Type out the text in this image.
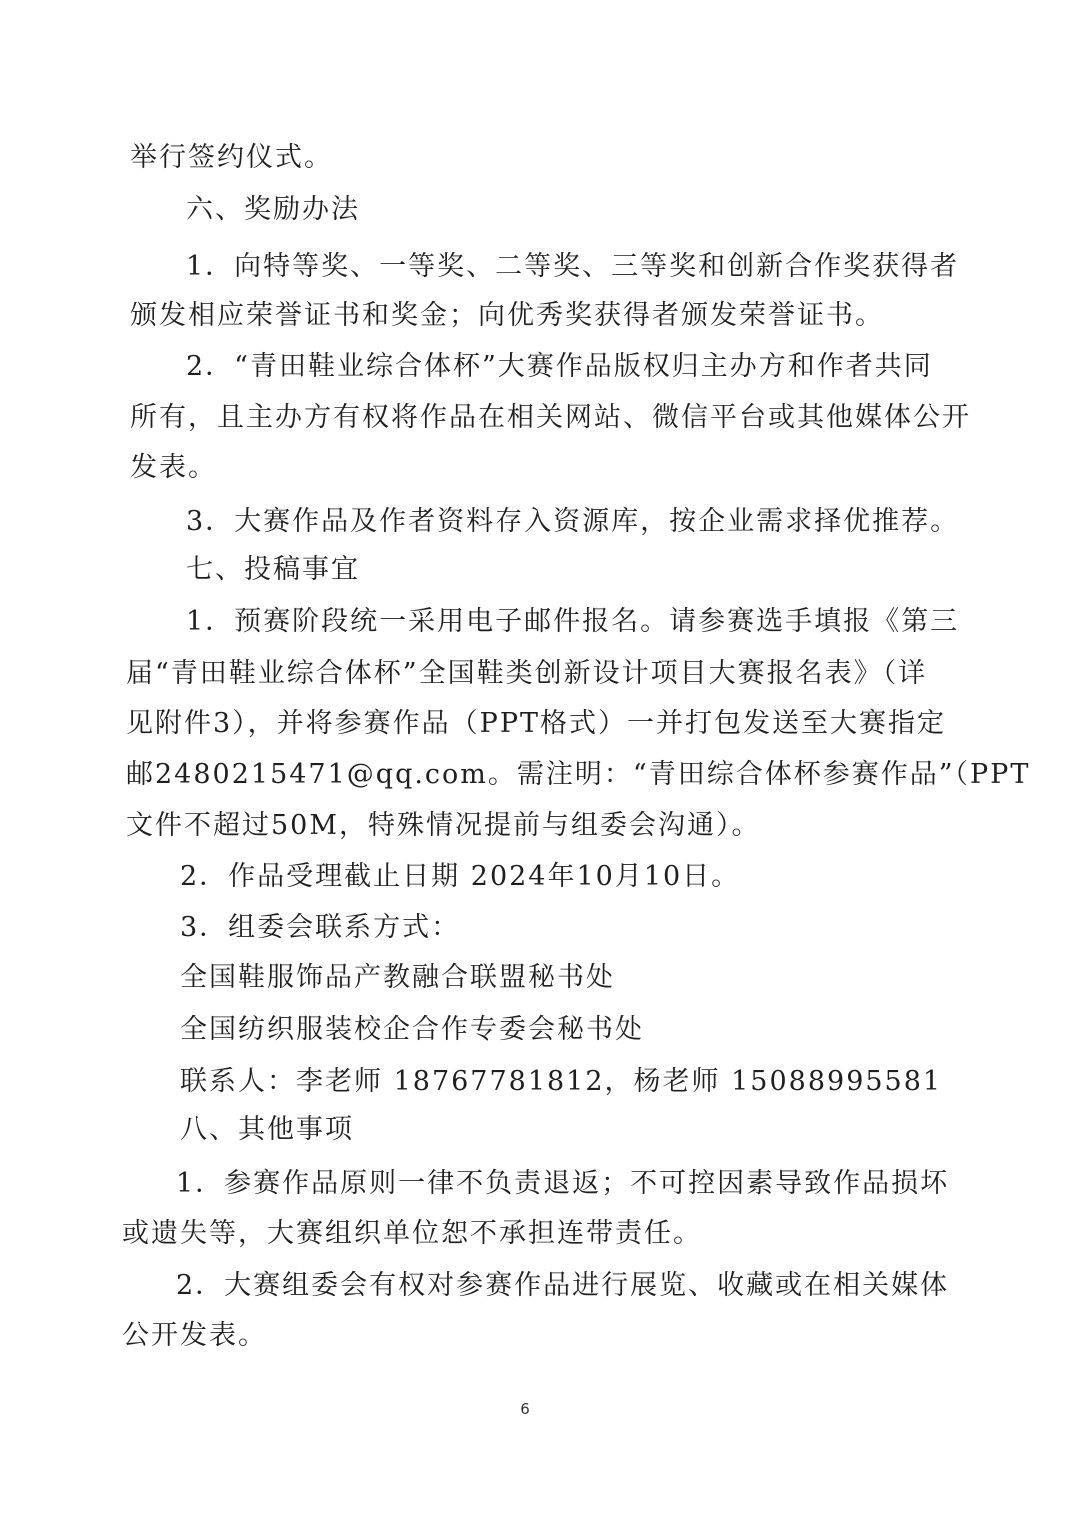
举行签约仪式。
六、奖励办法
1．向特等奖、一等奖、二等奖、三等奖和创新合作奖获得者
颁发相应荣誉证书和奖金；向优秀奖获得者颁发荣誉证书。
2．“青田鞋业综合体杯”大赛作品版权归主办方和作者共同
所有，且主办方有权将作品在相关网站、微信平台或其他媒体公开
发表。
3．大赛作品及作者资料存入资源库，按企业需求择优推荐。
七、投稿事宜
1．预赛阶段统一采用电子邮件报名。请参赛选手填报《第三
届“青田鞋业综合体杯”全国鞋类创新设计项目大赛报名表》（详
见附件3），并将参赛作品（PPT格式）一并打包发送至大赛指定
邮2480215471@qq.com。需注明：“青田综合体杯参赛作品”（PPT
文件不超过50M，特殊情况提前与组委会沟通）。
2．作品受理截止日期 2024年10月10日。
3．组委会联系方式：
全国鞋服饰品产教融合联盟秘书处
全国纺织服装校企合作专委会秘书处
联系人：李老师 18767781812，杨老师 15088995581
八、其他事项
1．参赛作品原则一律不负责退返；不可控因素导致作品损坏
或遗失等，大赛组织单位恕不承担连带责任。
2．大赛组委会有权对参赛作品进行展览、收藏或在相关媒体
公开发表。
6
